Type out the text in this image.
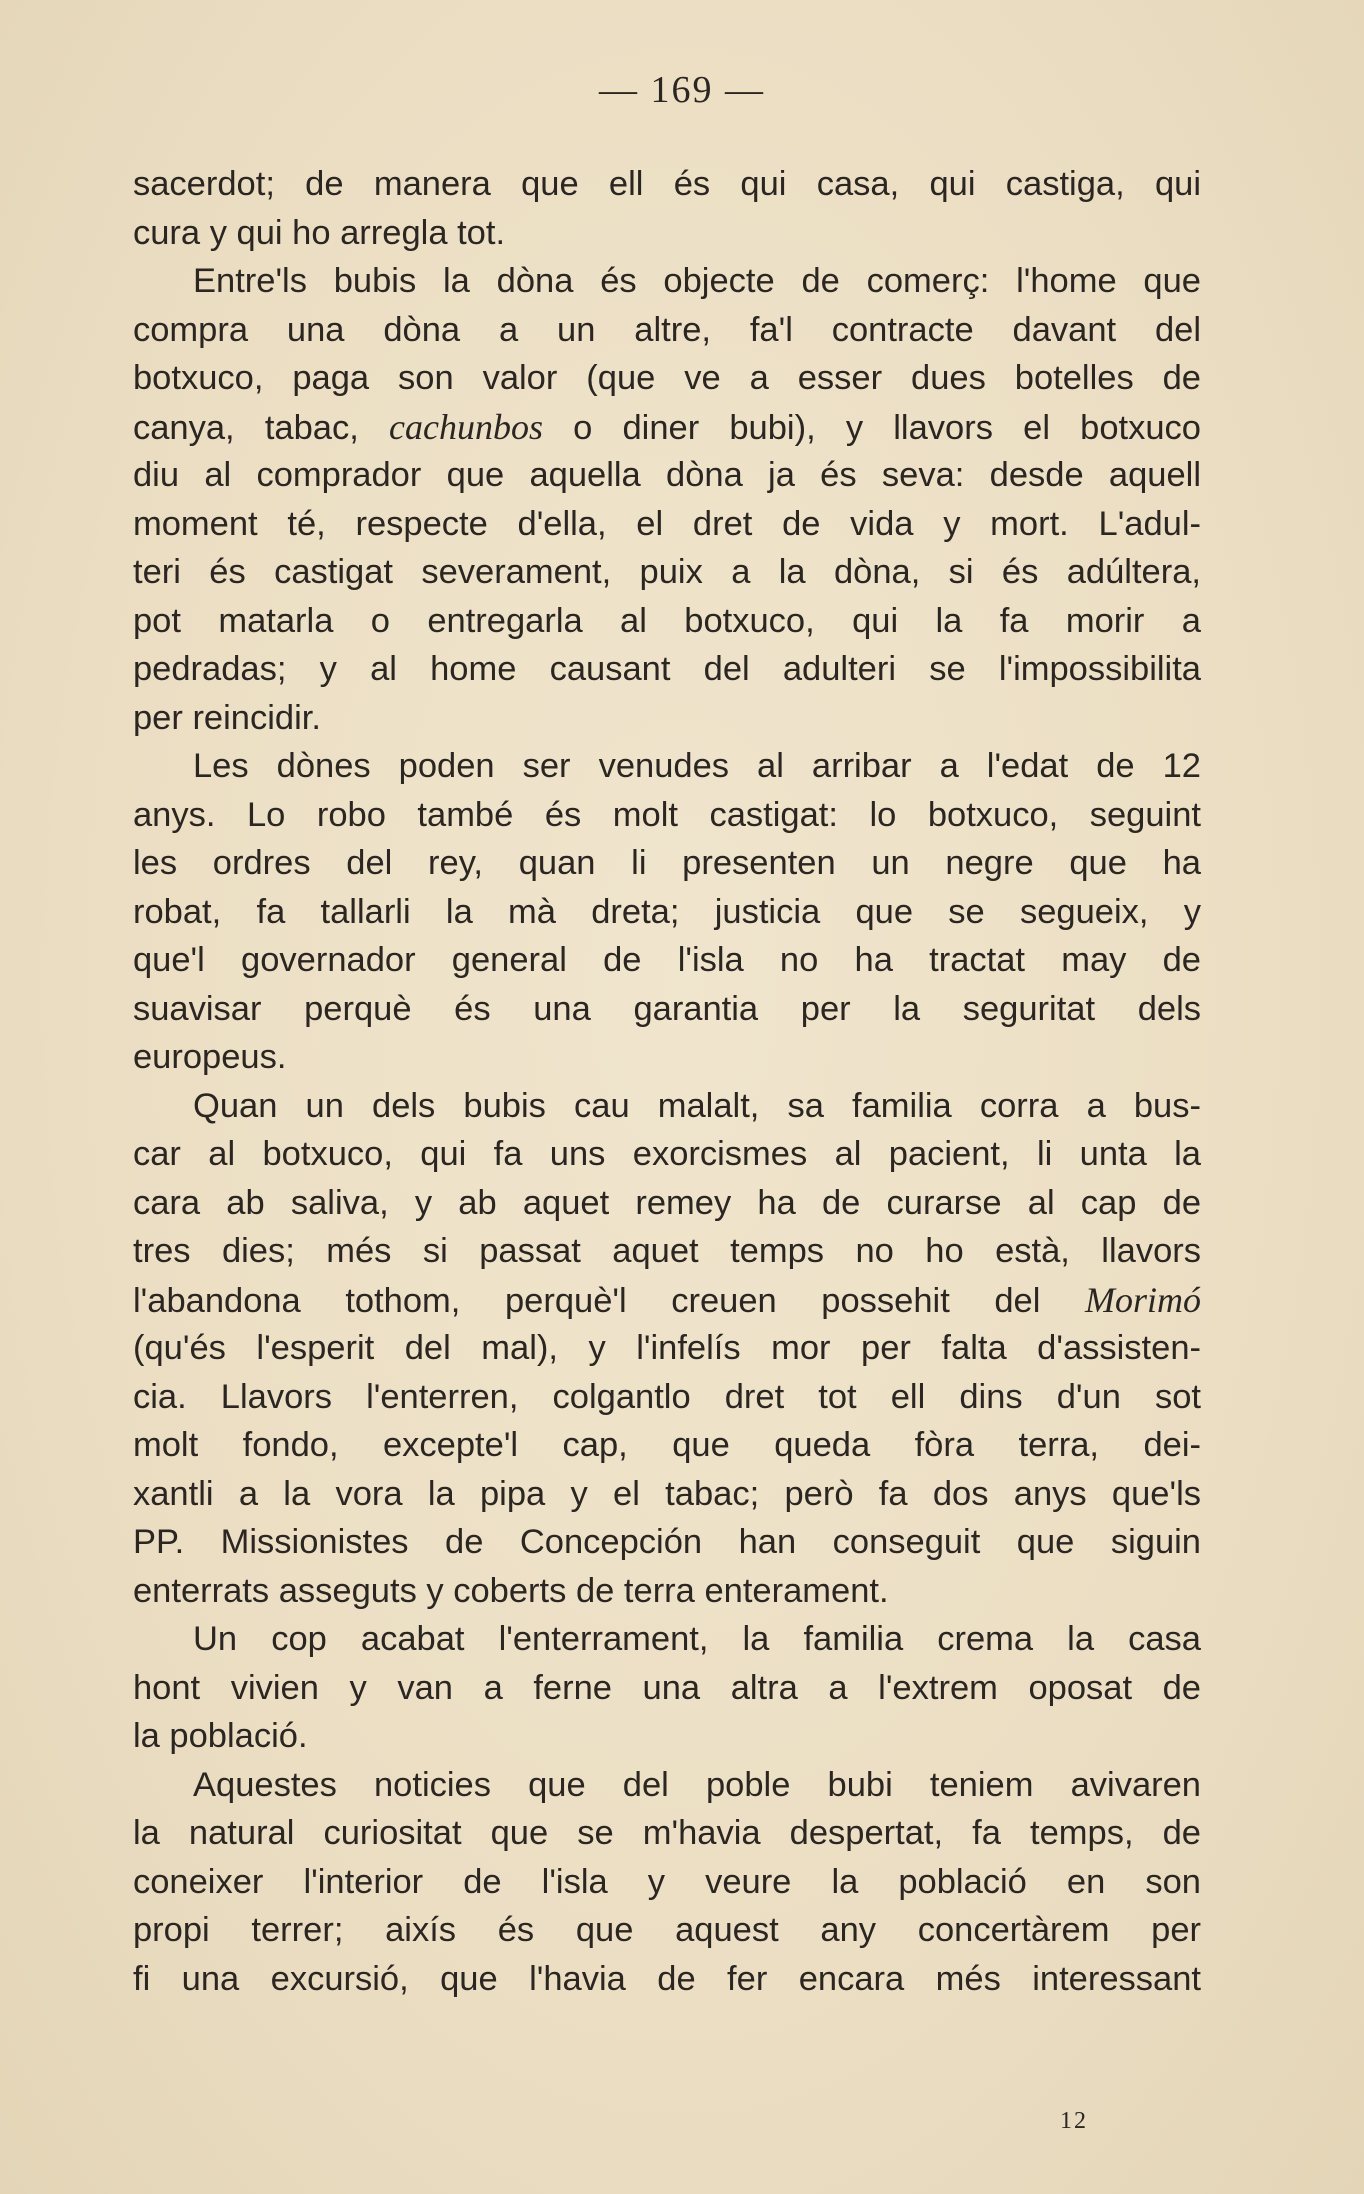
— 169 —
sacerdot; de manera que ell és qui casa, qui castiga, qui
cura y qui ho arregla tot.
Entre'ls bubis la dòna és objecte de comerç: l'home que
compra una dòna a un altre, fa'l contracte davant del
botxuco, paga son valor (que ve a esser dues botelles de
canya, tabac, cachunbos o diner bubi), y llavors el botxuco
diu al comprador que aquella dòna ja és seva: desde aquell
moment té, respecte d'ella, el dret de vida y mort. L'adul-
teri és castigat severament, puix a la dòna, si és adúltera,
pot matarla o entregarla al botxuco, qui la fa morir a
pedradas; y al home causant del adulteri se l'impossibilita
per reincidir.
Les dònes poden ser venudes al arribar a l'edat de 12
anys. Lo robo també és molt castigat: lo botxuco, seguint
les ordres del rey, quan li presenten un negre que ha
robat, fa tallarli la mà dreta; justicia que se segueix, y
que'l governador general de l'isla no ha tractat may de
suavisar perquè és una garantia per la seguritat dels
europeus.
Quan un dels bubis cau malalt, sa familia corra a bus-
car al botxuco, qui fa uns exorcismes al pacient, li unta la
cara ab saliva, y ab aquet remey ha de curarse al cap de
tres dies; més si passat aquet temps no ho està, llavors
l'abandona tothom, perquè'l creuen possehit del Morimó
(qu'és l'esperit del mal), y l'infelís mor per falta d'assisten-
cia. Llavors l'enterren, colgantlo dret tot ell dins d'un sot
molt fondo, excepte'l cap, que queda fòra terra, dei-
xantli a la vora la pipa y el tabac; però fa dos anys que'ls
PP. Missionistes de Concepción han conseguit que siguin
enterrats asseguts y coberts de terra enterament.
Un cop acabat l'enterrament, la familia crema la casa
hont vivien y van a ferne una altra a l'extrem oposat de
la població.
Aquestes noticies que del poble bubi teniem avivaren
la natural curiositat que se m'havia despertat, fa temps, de
coneixer l'interior de l'isla y veure la població en son
propi terrer; aixís és que aquest any concertàrem per
fi una excursió, que l'havia de fer encara més interessant
12
